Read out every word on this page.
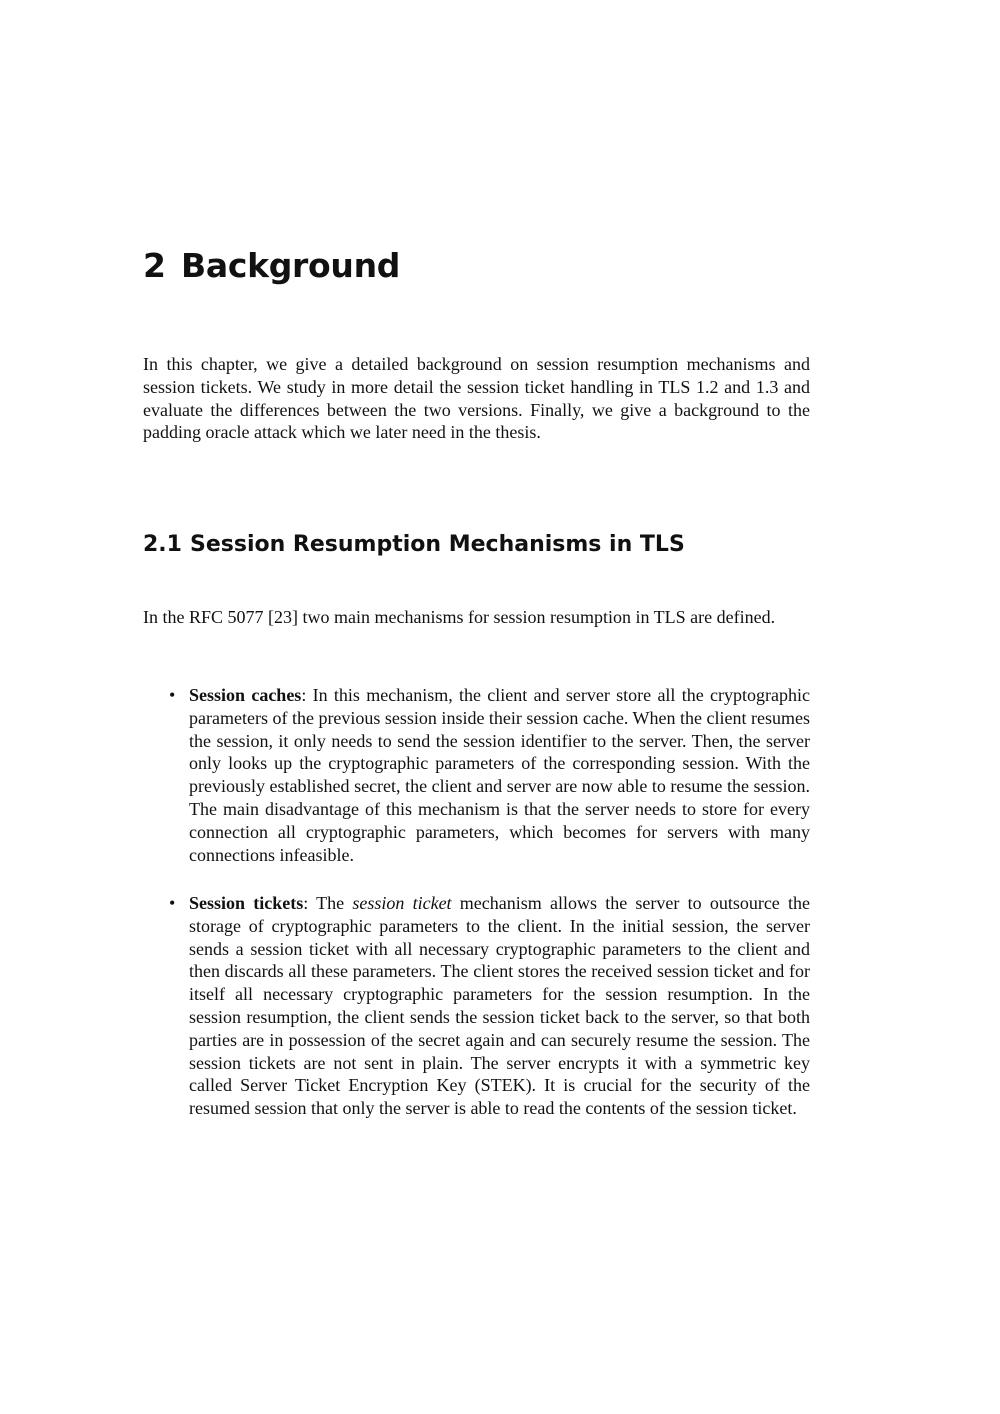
2 Background

In this chapter, we give a detailed background on session resumption mechanisms and session tickets. We study in more detail the session ticket handling in TLS 1.2 and 1.3 and evaluate the differences between the two versions. Finally, we give a background to the padding oracle attack which we later need in the thesis.

2.1 Session Resumption Mechanisms in TLS

In the RFC 5077 [23] two main mechanisms for session resumption in TLS are defined.

• Session caches: In this mechanism, the client and server store all the cryptographic parameters of the previous session inside their session cache. When the client resumes the session, it only needs to send the session identifier to the server. Then, the server only looks up the cryptographic parameters of the corresponding session. With the previously established secret, the client and server are now able to resume the session. The main disadvantage of this mechanism is that the server needs to store for every connection all cryptographic parameters, which becomes for servers with many connections infeasible.
• Session tickets: The session ticket mechanism allows the server to outsource the storage of cryptographic parameters to the client. In the initial session, the server sends a session ticket with all necessary cryptographic parameters to the client and then discards all these parameters. The client stores the received session ticket and for itself all necessary cryptographic parameters for the session resumption. In the session resumption, the client sends the session ticket back to the server, so that both parties are in possession of the secret again and can securely resume the session. The session tickets are not sent in plain. The server encrypts it with a symmetric key called Server Ticket Encryption Key (STEK). It is crucial for the security of the resumed session that only the server is able to read the contents of the session ticket.
